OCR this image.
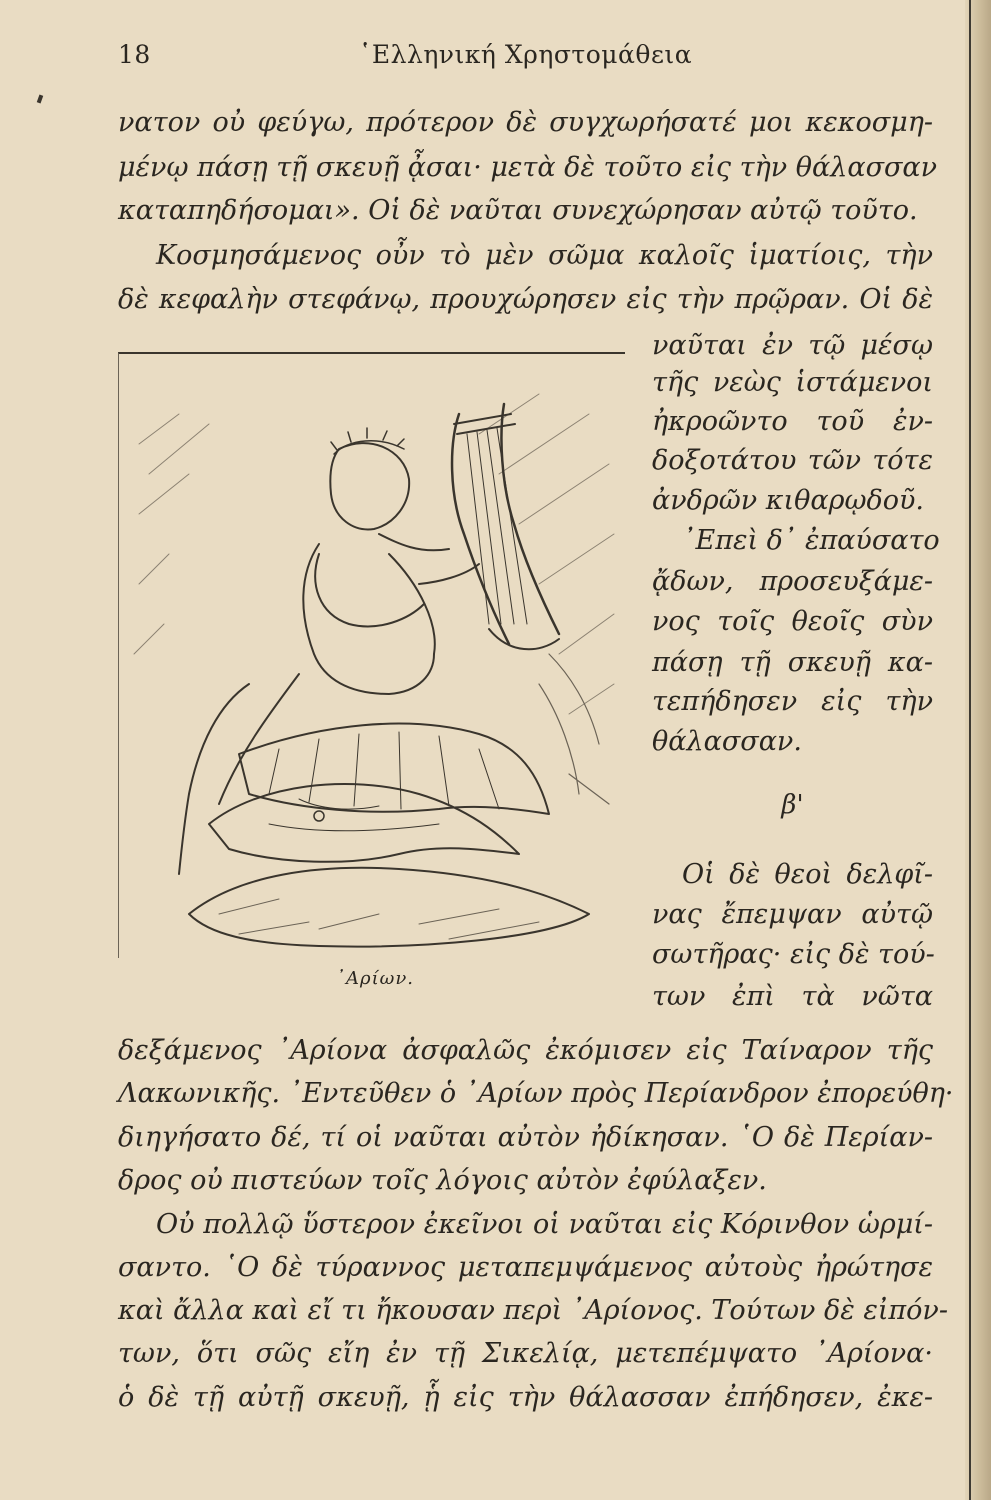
18	῾Ελληνική Χρηστομάθεια
νατον οὐ φεύγω, πρότερον δὲ συγχωρήσατέ μοι κεκοσμη-
μένῳ πάσῃ τῇ σκευῇ ᾆσαι· μετὰ δὲ τοῦτο εἰς τὴν θάλασσαν
καταπηδήσομαι». Οἱ δὲ ναῦται συνεχώρησαν αὐτῷ τοῦτο.
Κοσμησάμενος οὖν τὸ μὲν σῶμα καλοῖς ἱματίοις, τὴν
δὲ κεφαλὴν στεφάνῳ, προυχώρησεν εἰς τὴν πρῷραν. Οἱ δὲ
ναῦται ἐν τῷ μέσῳ
τῆς νεὼς ἱστάμενοι
ἠκροῶντο τοῦ ἐν-
δοξοτάτου τῶν τότε
ἀνδρῶν κιθαρῳδοῦ.
᾿Επεὶ δ᾿ ἐπαύσατο
ᾄδων, προσευξάμε-
νος τοῖς θεοῖς σὺν
πάσῃ τῇ σκευῇ κα-
τεπήδησεν εἰς τὴν
θάλασσαν.
β'
Οἱ δὲ θεοὶ δελφῖ-
νας ἔπεμψαν αὐτῷ
σωτῆρας· εἰς δὲ τού-
των ἐπὶ τὰ νῶτα
᾿Αρίων.
δεξάμενος ᾿Αρίονα ἀσφαλῶς ἐκόμισεν εἰς Ταίναρον τῆς
Λακωνικῆς. ᾿Εντεῦθεν ὁ ᾿Αρίων πρὸς Περίανδρον ἐπορεύθη·
διηγήσατο δέ, τί οἱ ναῦται αὐτὸν ἠδίκησαν. ῾Ο δὲ Περίαν-
δρος οὐ πιστεύων τοῖς λόγοις αὐτὸν ἐφύλαξεν.
Οὐ πολλῷ ὕστερον ἐκεῖνοι οἱ ναῦται εἰς Κόρινθον ὡρμί-
σαντο. ῾Ο δὲ τύραννος μεταπεμψάμενος αὐτοὺς ἠρώτησε
καὶ ἄλλα καὶ εἴ τι ἤκουσαν περὶ ᾿Αρίονος. Τούτων δὲ εἰπόν-
των, ὅτι σῶς εἴη ἐν τῇ Σικελίᾳ, μετεπέμψατο ᾿Αρίονα·
ὁ δὲ τῇ αὐτῇ σκευῇ, ᾗ εἰς τὴν θάλασσαν ἐπήδησεν, ἐκε-
